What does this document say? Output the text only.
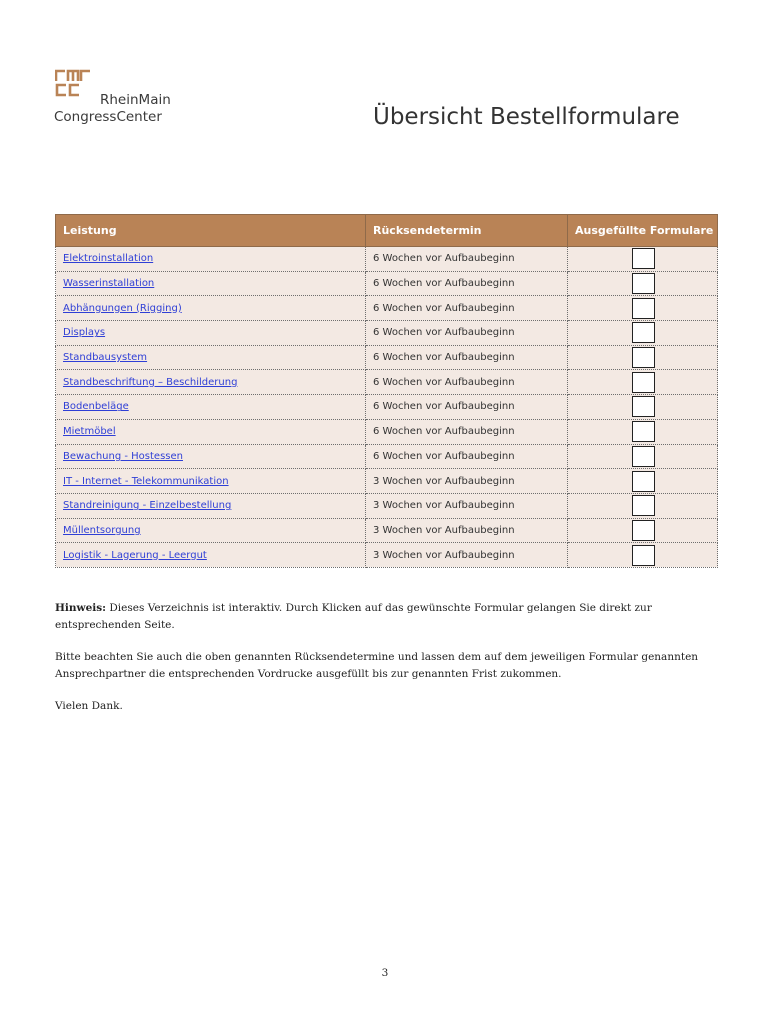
RheinMain
CongressCenter	Übersicht Bestellformulare
Leistung	Rücksendetermin	Ausgefüllte Formulare
Elektroinstallation	6 Wochen vor Aufbaubeginn	
Wasserinstallation	6 Wochen vor Aufbaubeginn	
Abhängungen (Rigging)	6 Wochen vor Aufbaubeginn	
Displays	6 Wochen vor Aufbaubeginn	
Standbausystem	6 Wochen vor Aufbaubeginn	
Standbeschriftung – Beschilderung	6 Wochen vor Aufbaubeginn	
Bodenbeläge	6 Wochen vor Aufbaubeginn	
Mietmöbel	6 Wochen vor Aufbaubeginn	
Bewachung - Hostessen	6 Wochen vor Aufbaubeginn	
IT - Internet - Telekommunikation	3 Wochen vor Aufbaubeginn	
Standreinigung - Einzelbestellung	3 Wochen vor Aufbaubeginn	
Müllentsorgung	3 Wochen vor Aufbaubeginn	
Logistik - Lagerung - Leergut	3 Wochen vor Aufbaubeginn	

Hinweis: Dieses Verzeichnis ist interaktiv. Durch Klicken auf das gewünschte Formular gelangen Sie direkt zur entsprechenden Seite.

Bitte beachten Sie auch die oben genannten Rücksendetermine und lassen dem auf dem jeweiligen Formular genannten Ansprechpartner die entsprechenden Vordrucke ausgefüllt bis zur genannten Frist zukommen.

Vielen Dank.

3
